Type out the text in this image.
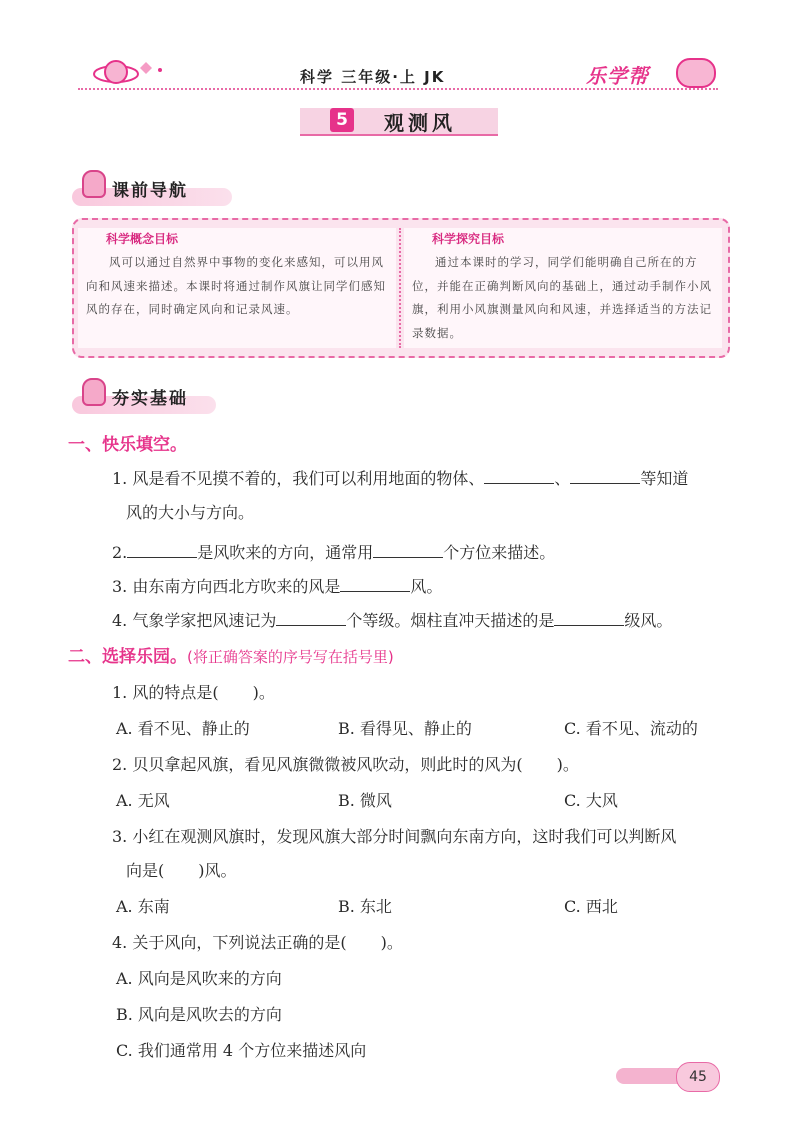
科学 三年级·上 JK	乐学帮
5	观测风
课前导航
科学概念目标
风可以通过自然界中事物的变化来感知，可以用风向和风速来描述。本课时将通过制作风旗让同学们感知风的存在，同时确定风向和记录风速。
科学探究目标
通过本课时的学习，同学们能明确自己所在的方位，并能在正确判断风向的基础上，通过动手制作小风旗，利用小风旗测量风向和风速，并选择适当的方法记录数据。
夯实基础
一、快乐填空。
1. 风是看不见摸不着的，我们可以利用地面的物体、	、	等知道
风的大小与方向。
2.	是风吹来的方向，通常用	个方位来描述。
3. 由东南方向西北方吹来的风是	风。
4. 气象学家把风速记为	个等级。烟柱直冲天描述的是	级风。
二、选择乐园。(将正确答案的序号写在括号里)
1. 风的特点是( )。
A. 看不见、静止的	B. 看得见、静止的	C. 看不见、流动的
2. 贝贝拿起风旗，看见风旗微微被风吹动，则此时的风为( )。
A. 无风	B. 微风	C. 大风
3. 小红在观测风旗时，发现风旗大部分时间飘向东南方向，这时我们可以判断风
向是( )风。
A. 东南	B. 东北	C. 西北
4. 关于风向，下列说法正确的是( )。
A. 风向是风吹来的方向
B. 风向是风吹去的方向
C. 我们通常用 4 个方位来描述风向
45
